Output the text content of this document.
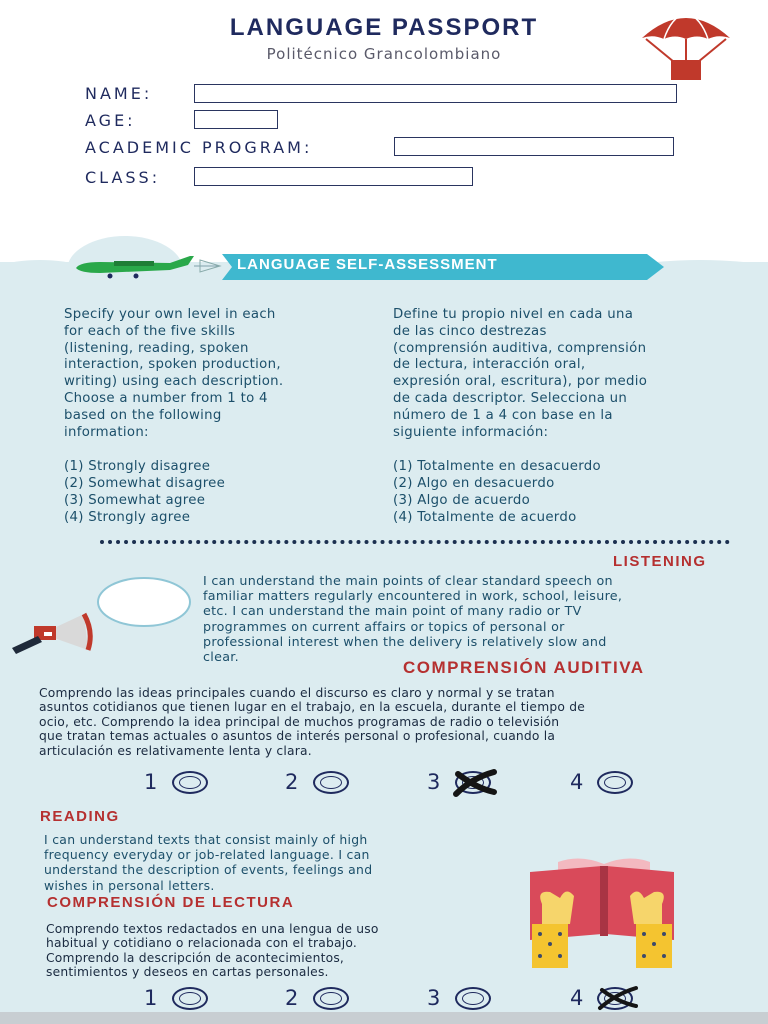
LANGUAGE PASSPORT
Politécnico Grancolombiano
NAME:
AGE:
ACADEMIC PROGRAM:
CLASS:
LANGUAGE SELF-ASSESSMENT
Specify your own level in each
for each of the five skills
(listening, reading, spoken
interaction, spoken production,
writing) using each description.
Choose a number from 1 to 4
based on the following
information:
Define tu propio nivel en cada una
de las cinco destrezas
(comprensión auditiva, comprensión
de lectura, interacción oral,
expresión oral, escritura), por medio
de cada descriptor. Selecciona un
número de 1 a 4 con base en la
siguiente información:
(1) Strongly disagree
(2) Somewhat disagree
(3) Somewhat agree
(4) Strongly agree
(1) Totalmente en desacuerdo
(2) Algo en desacuerdo
(3) Algo de acuerdo
(4) Totalmente de acuerdo
LISTENING
I can understand the main points of clear standard speech on
familiar matters regularly encountered in work, school, leisure,
etc. I can understand the main point of many radio or TV
programmes on current affairs or topics of personal or
professional interest when the delivery is relatively slow and
clear.
COMPRENSIÓN AUDITIVA
Comprendo las ideas principales cuando el discurso es claro y normal y se tratan
asuntos cotidianos que tienen lugar en el trabajo, en la escuela, durante el tiempo de
ocio, etc. Comprendo la idea principal de muchos programas de radio o televisión
que tratan temas actuales o asuntos de interés personal o profesional, cuando la
articulación es relativamente lenta y clara.
1	2	3	4
READING
I can understand texts that consist mainly of high
frequency everyday or job-related language. I can
understand the description of events, feelings and
wishes in personal letters.
COMPRENSIÓN DE LECTURA
Comprendo textos redactados en una lengua de uso
habitual y cotidiano o relacionada con el trabajo.
Comprendo la descripción de acontecimientos,
sentimientos y deseos en cartas personales.
1	2	3	4
